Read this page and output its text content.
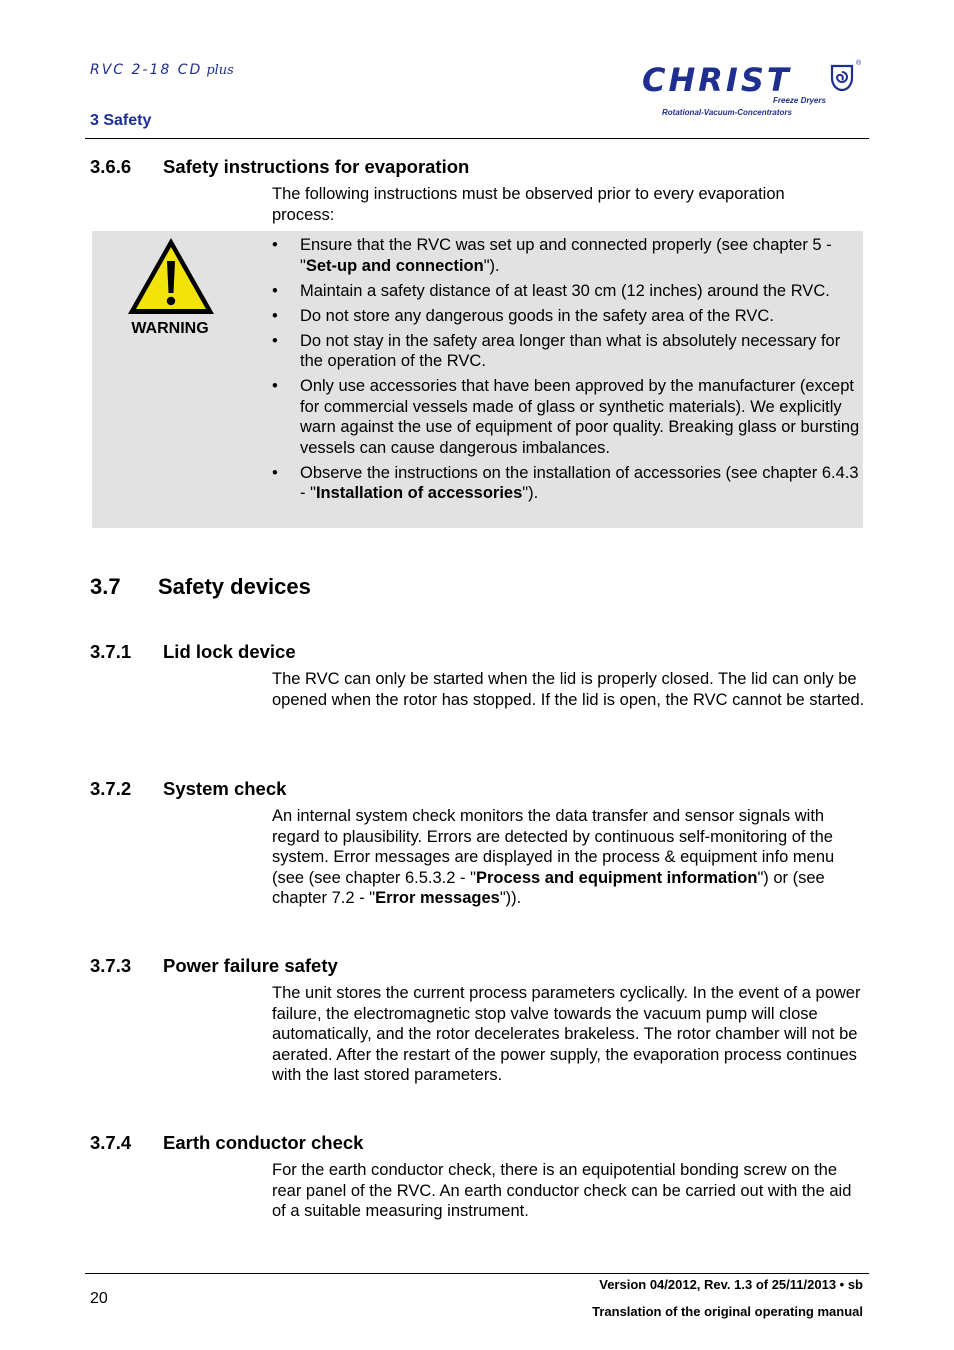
RVC 2-18 CD plus
3 Safety
CHRIST	®
Freeze Dryers
Rotational-Vacuum-Concentrators
3.6.6 Safety instructions for evaporation
The following instructions must be observed prior to every evaporation
process:
WARNING
• Ensure that the RVC was set up and connected properly (see chapter 5 - "Set-up and connection").
• Maintain a safety distance of at least 30 cm (12 inches) around the RVC.
• Do not store any dangerous goods in the safety area of the RVC.
• Do not stay in the safety area longer than what is absolutely necessary for the operation of the RVC.
• Only use accessories that have been approved by the manufacturer (except for commercial vessels made of glass or synthetic materials). We explicitly warn against the use of equipment of poor quality. Breaking glass or bursting vessels can cause dangerous imbalances.
• Observe the instructions on the installation of accessories (see chapter 6.4.3 - "Installation of accessories").
3.7 Safety devices
3.7.1 Lid lock device
The RVC can only be started when the lid is properly closed. The lid can only be opened when the rotor has stopped. If the lid is open, the RVC cannot be started.
3.7.2 System check
An internal system check monitors the data transfer and sensor signals with regard to plausibility. Errors are detected by continuous self-monitoring of the system. Error messages are displayed in the process & equipment info menu (see (see chapter 6.5.3.2 - "Process and equipment information") or (see chapter 7.2 - "Error messages")).
3.7.3 Power failure safety
The unit stores the current process parameters cyclically. In the event of a power failure, the electromagnetic stop valve towards the vacuum pump will close automatically, and the rotor decelerates brakeless. The rotor chamber will not be aerated. After the restart of the power supply, the evaporation process continues with the last stored parameters.
3.7.4 Earth conductor check
For the earth conductor check, there is an equipotential bonding screw on the rear panel of the RVC. An earth conductor check can be carried out with the aid of a suitable measuring instrument.
20
Version 04/2012, Rev. 1.3 of 25/11/2013 • sb
Translation of the original operating manual
